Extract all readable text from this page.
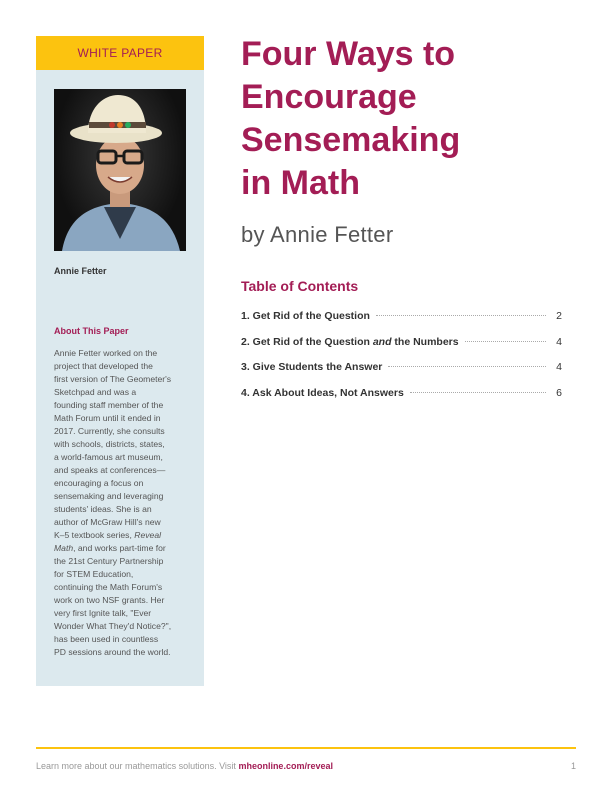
WHITE PAPER
Annie Fetter
About This Paper
Annie Fetter worked on the
project that developed the
first version of The Geometer's
Sketchpad and was a
founding staff member of the
Math Forum until it ended in
2017. Currently, she consults
with schools, districts, states,
a world-famous art museum,
and speaks at conferences—
encouraging a focus on
sensemaking and leveraging
students' ideas. She is an
author of McGraw Hill's new
K–5 textbook series, Reveal
Math, and works part-time for
the 21st Century Partnership
for STEM Education,
continuing the Math Forum's
work on two NSF grants. Her
very first Ignite talk, "Ever
Wonder What They'd Notice?",
has been used in countless
PD sessions around the world.
Four Ways to
Encourage
Sensemaking
in Math
by Annie Fetter
Table of Contents
1. Get Rid of the Question	2
2. Get Rid of the Question and the Numbers	4
3. Give Students the Answer	4
4. Ask About Ideas, Not Answers	6
Learn more about our mathematics solutions. Visit mheonline.com/reveal	1
